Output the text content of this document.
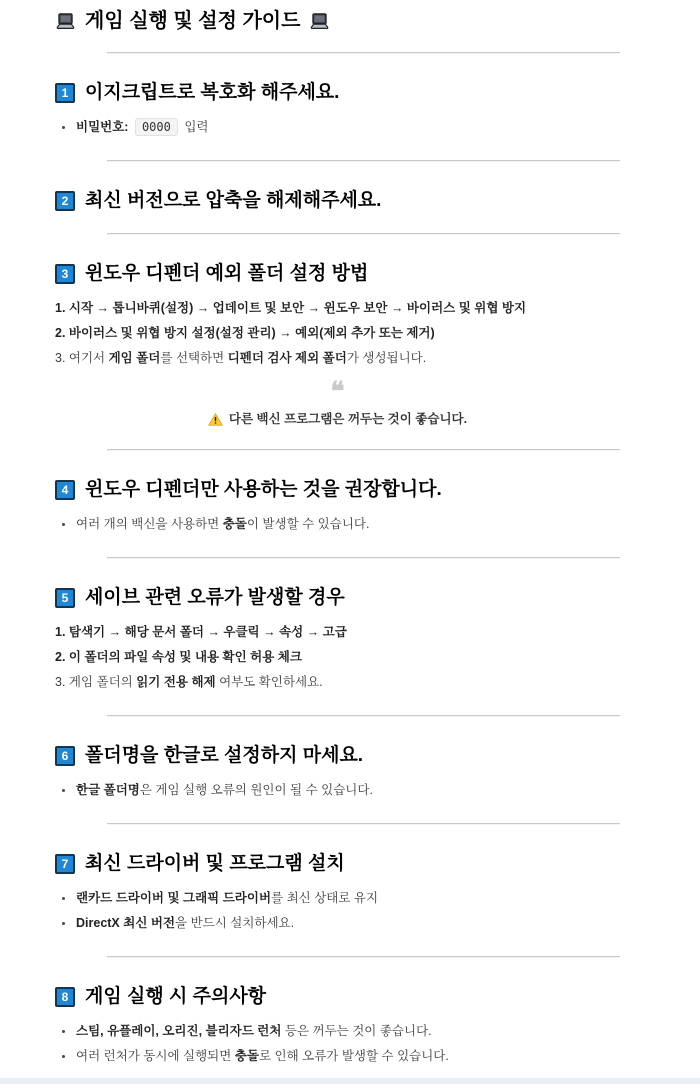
게임 실행 및 설정 가이드
1 이지크립트로 복호화 해주세요.
비밀번호: 0000 입력
2 최신 버전으로 압축을 해제해주세요.
3 윈도우 디펜더 예외 폴더 설정 방법
1. 시작 → 톱니바퀴(설정) → 업데이트 및 보안 → 윈도우 보안 → 바이러스 및 위협 방지
2. 바이러스 및 위협 방지 설정(설정 관리) → 예외(제외 추가 또는 제거)
3. 여기서 게임 폴더를 선택하면 디펜더 검사 제외 폴더가 생성됩니다.
❝
다른 백신 프로그램은 꺼두는 것이 좋습니다.
4 윈도우 디펜더만 사용하는 것을 권장합니다.
여러 개의 백신을 사용하면 충돌이 발생할 수 있습니다.
5 세이브 관련 오류가 발생할 경우
1. 탐색기 → 해당 문서 폴더 → 우클릭 → 속성 → 고급
2. 이 폴더의 파일 속성 및 내용 확인 허용 체크
3. 게임 폴더의 읽기 전용 해제 여부도 확인하세요.
6 폴더명을 한글로 설정하지 마세요.
한글 폴더명은 게임 실행 오류의 원인이 될 수 있습니다.
7 최신 드라이버 및 프로그램 설치
랜카드 드라이버 및 그래픽 드라이버를 최신 상태로 유지
DirectX 최신 버전을 반드시 설치하세요.
8 게임 실행 시 주의사항
스팀, 유플레이, 오리진, 블리자드 런처 등은 꺼두는 것이 좋습니다.
여러 런처가 동시에 실행되면 충돌로 인해 오류가 발생할 수 있습니다.
